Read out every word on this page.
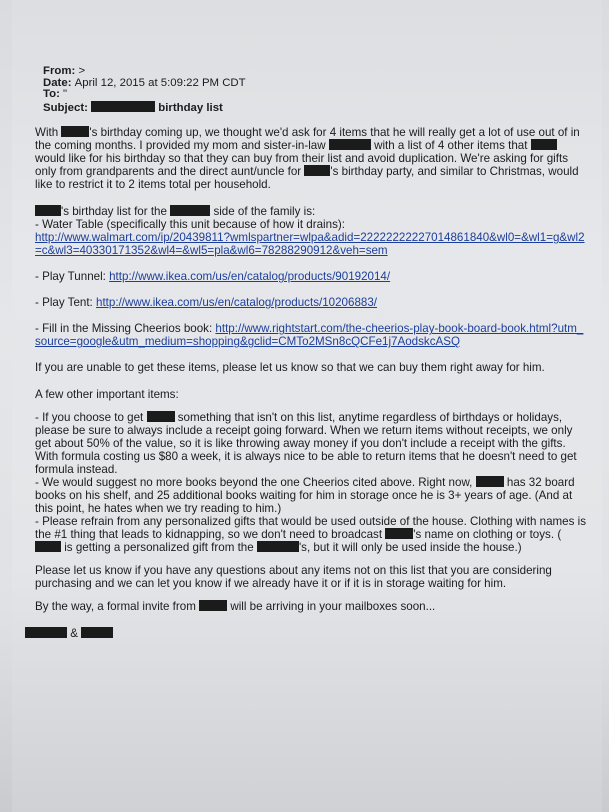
From: >
Date: April 12, 2015 at 5:09:22 PM CDT
To: "
Subject:	birthday list

With	's birthday coming up, we thought we'd ask for 4 items that he will really get a lot of use out of in the coming months. I provided my mom and sister-in-law	with a list of 4 other items that  would like for his birthday so that they can buy from their list and avoid duplication. We're asking for gifts only from grandparents and the direct aunt/uncle for	's birthday party, and similar to Christmas, would like to restrict it to 2 items total per household.

's birthday list for the	side of the family is:

- Water Table (specifically this unit because of how it drains):
http://www.walmart.com/ip/20439811?wmlspartner=wlpa&adid=22222222227014861840&wl0=&wl1=g&wl2=c&wl3=40330171352&wl4=&wl5=pla&wl6=78288290912&veh=sem
- Play Tunnel: http://www.ikea.com/us/en/catalog/products/90192014/
- Play Tent: http://www.ikea.com/us/en/catalog/products/10206883/
- Fill in the Missing Cheerios book: http://www.rightstart.com/the-cheerios-play-book-board-book.html?utm_source=google&utm_medium=shopping&gclid=CMTo2MSn8cQCFe1j7AodskcASQ

If you are unable to get these items, please let us know so that we can buy them right away for him.

A few other important items:

- If you choose to get	something that isn't on this list, anytime regardless of birthdays or holidays, please be sure to always include a receipt going forward. When we return items without receipts, we only get about 50% of the value, so it is like throwing away money if you don't include a receipt with the gifts. With formula costing us $80 a week, it is always nice to be able to return items that he doesn't need to get formula instead.
- We would suggest no more books beyond the one Cheerios cited above. Right now,	has 32 board books on his shelf, and 25 additional books waiting for him in storage once he is 3+ years of age. (And at this point, he hates when we try reading to him.)

- Please refrain from any personalized gifts that would be used outside of the house. Clothing with names is the #1 thing that leads to kidnapping, so we don't need to broadcast	's name on clothing or toys. ( is getting a personalized gift from the	's, but it will only be used inside the house.)

Please let us know if you have any questions about any items not on this list that you are considering purchasing and we can let you know if we already have it or if it is in storage waiting for him.

By the way, a formal invite from	will be arriving in your mailboxes soon...

&
